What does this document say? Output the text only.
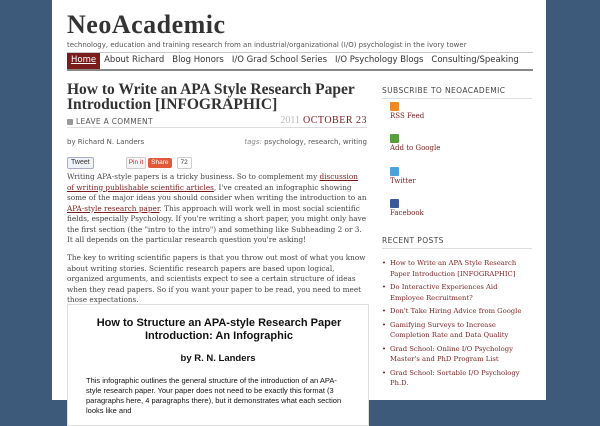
NeoAcademic
technology, education and training research from an industrial/organizational (I/O) psychologist in the ivory tower
Home About Richard Blog Honors I/O Grad School Series I/O Psychology Blogs Consulting/Speaking
How to Write an APA Style Research Paper Introduction [INFOGRAPHIC]
LEAVE A COMMENT	2011 OCTOBER 23
by Richard N. Landers	tags: psychology, research, writing
Tweet	Pin it	Share	72

Writing APA-style papers is a tricky business. So to complement my discussion of writing publishable scientific articles, I've created an infographic showing some of the major ideas you should consider when writing the introduction to an APA-style research paper. This approach will work well in most social scientific fields, especially Psychology. If you're writing a short paper, you might only have the first section (the "intro to the intro") and something like Subheading 2 or 3. It all depends on the particular research question you're asking!

The key to writing scientific papers is that you throw out most of what you know about writing stories. Scientific research papers are based upon logical, organized arguments, and scientists expect to see a certain structure of ideas when they read papers. So if you want your paper to be read, you need to meet those expectations.

How to Structure an APA-style Research Paper Introduction: An Infographic
by R. N. Landers
This infographic outlines the general structure of the introduction of an APA-style research paper. Your paper does not need to be exactly this format (3 paragraphs here, 4 paragraphs there), but it demonstrates what each section looks like and
SUBSCRIBE TO NEOACADEMIC
RSS Feed
Add to Google
Twitter
Facebook
RECENT POSTS
• How to Write an APA Style Research Paper Introduction [INFOGRAPHIC]
• Do Interactive Experiences Aid Employee Recruitment?
• Don't Take Hiring Advice from Google
• Gamifying Surveys to Increase Completion Rate and Data Quality
• Grad School: Online I/O Psychology Master's and PhD Program List
• Grad School: Sortable I/O Psychology Ph.D.
